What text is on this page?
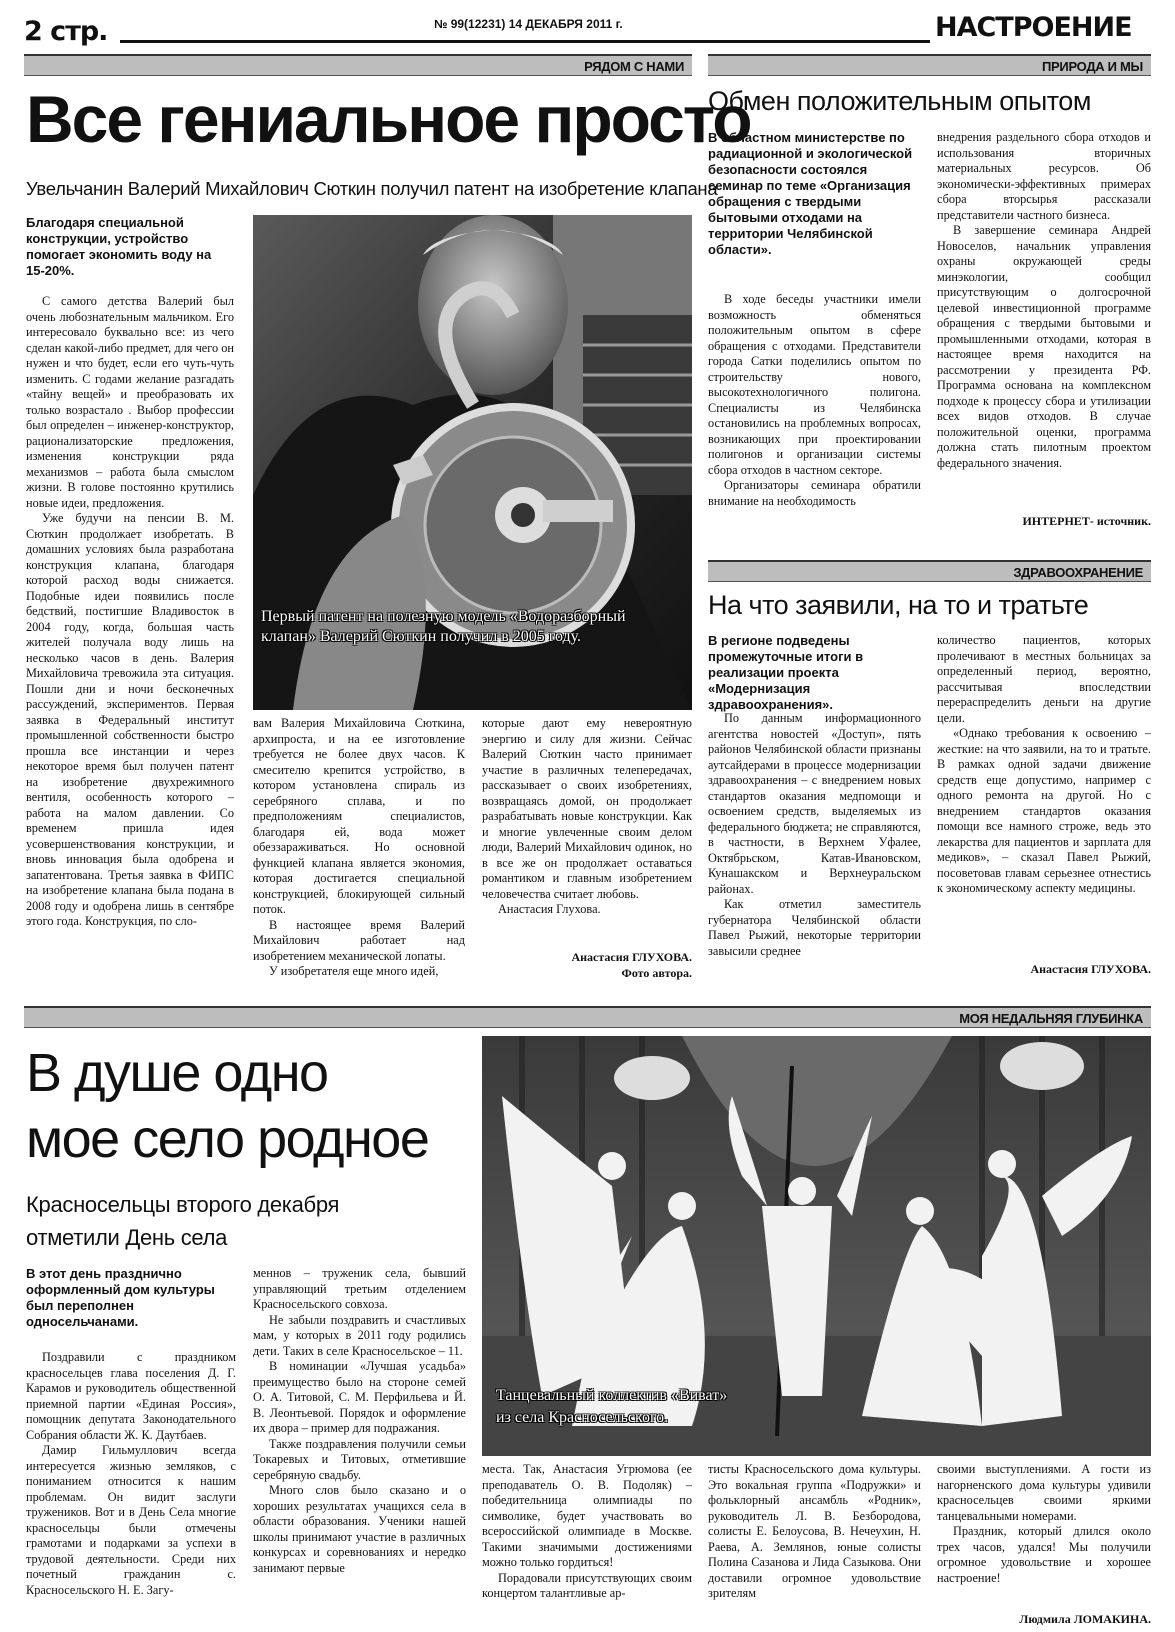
2 стр.	№ 99(12231) 14 ДЕКАБРЯ 2011 г.	НАСТРОЕНИЕ
РЯДОМ С НАМИ
Все гениальное просто
Увельчанин Валерий Михайлович Сюткин получил патент на изобретение клапана
Благодаря специальной конструкции, устройство помогает экономить воду на 15-20%.

С самого детства Валерий был очень любознательным мальчиком. Его интересовало буквально все: из чего сделан какой-либо предмет, для чего он нужен и что будет, если его чуть-чуть изменить. С годами желание разгадать «тайну вещей» и преобразовать их только возрастало . Выбор профессии был определен – инженер-конструктор, рационализаторские предложения, изменения конструкции ряда механизмов – работа была смыслом жизни. В голове постоянно крутились новые идеи, предложения.

Уже будучи на пенсии В. М. Сюткин продолжает изобретать. В домашних условиях была разработана конструкция клапана, благодаря которой расход воды снижается. Подобные идеи появились после бедствий, постигшие Владивосток в 2004 году, когда, большая часть жителей получала воду лишь на несколько часов в день. Валерия Михайловича тревожила эта ситуация. Пошли дни и ночи бесконечных рассуждений, экспериментов. Первая заявка в Федеральный институт промышленной собственности быстро прошла все инстанции и через некоторое время был получен патент на изобретение двухрежимного вентиля, особенность которого – работа на малом давлении. Со временем пришла идея усовершенствования конструкции, и вновь инновация была одобрена и запатентована. Третья заявка в ФИПС на изобретение клапана была подана в 2008 году и одобрена лишь в сентябре этого года. Конструкция, по сло-

Первый патент на полезную модель «Водоразборный клапан» Валерий Сюткин получил в 2005 году.

вам Валерия Михайловича Сюткина, архипроста, и на ее изготовление требуется не более двух часов. К смесителю крепится устройство, в котором установлена спираль из серебряного сплава, и по предположениям специалистов, благодаря ей, вода может обеззараживаться. Но основной функцией клапана является экономия, которая достигается специальной конструкцией, блокирующей сильный поток.

В настоящее время Валерий Михайлович работает над изобретением механической лопаты.

У изобретателя еще много идей,

которые дают ему невероятную энергию и силу для жизни. Сейчас Валерий Сюткин часто принимает участие в различных телепередачах, рассказывает о своих изобретениях, возвращаясь домой, он продолжает разрабатывать новые конструкции. Как и многие увлеченные своим делом люди, Валерий Михайлович одинок, но в все же он продолжает оставаться романтиком и главным изобретением человечества считает любовь.

Анастасия Глухова.

Анастасия ГЛУХОВА.
Фото автора.
ПРИРОДА И МЫ
Обмен положительным опытом
В областном министерстве по радиационной и экологической безопасности состоялся семинар по теме «Организация обращения с твердыми бытовыми отходами на территории Челябинской области».

В ходе беседы участники имели возможность обменяться положительным опытом в сфере обращения с отходами. Представители города Сатки поделились опытом по строительству нового, высокотехнологичного полигона. Специалисты из Челябинска остановились на проблемных вопросах, возникающих при проектировании полигонов и организации системы сбора отходов в частном секторе.

Организаторы семинара обратили внимание на необходимость

внедрения раздельного сбора отходов и использования вторичных материальных ресурсов. Об экономически-эффективных примерах сбора вторсырья рассказали представители частного бизнеса.

В завершение семинара Андрей Новоселов, начальник управления охраны окружающей среды минэкологии, сообщил присутствующим о долгосрочной целевой инвестиционной программе обращения с твердыми бытовыми и промышленными отходами, которая в настоящее время находится на рассмотрении у президента РФ. Программа основана на комплексном подходе к процессу сбора и утилизации всех видов отходов. В случае положительной оценки, программа должна стать пилотным проектом федерального значения.

ИНТЕРНЕТ- источник.
ЗДРАВООХРАНЕНИЕ
На что заявили, на то и тратьте
В регионе подведены промежуточные итоги в реализации проекта «Модернизация здравоохранения».

По данным информационного агентства новостей «Доступ», пять районов Челябинской области признаны аутсайдерами в процессе модернизации здравоохранения – с внедрением новых стандартов оказания медпомощи и освоением средств, выделяемых из федерального бюджета; не справляются, в частности, в Верхнем Уфалее, Октябрьском, Катав-Ивановском, Кунашакском и Верхнеуральском районах.

Как отметил заместитель губернатора Челябинской области Павел Рыжий, некоторые территории завысили среднее

количество пациентов, которых пролечивают в местных больницах за определенный период, вероятно, рассчитывая впоследствии перераспределить деньги на другие цели.

«Однако требования к освоению – жесткие: на что заявили, на то и тратьте. В рамках одной задачи движение средств еще допустимо, например с одного ремонта на другой. Но с внедрением стандартов оказания помощи все намного строже, ведь это лекарства для пациентов и зарплата для медиков», – сказал Павел Рыжий, посоветовав главам серьезнее отнестись к экономическому аспекту медицины.

Анастасия ГЛУХОВА.
МОЯ НЕДАЛЬНЯЯ ГЛУБИНКА
В душе одно
мое село родное
Красносельцы второго декабря отметили День села
В этот день празднично оформленный дом культуры был переполнен односельчанами.

Поздравили с праздником красносельцев глава поселения Д. Г. Карамов и руководитель общественной приемной партии «Единая Россия», помощник депутата Законодательного Собрания области Ж. К. Даутбаев.

Дамир Гильмуллович всегда интересуется жизнью земляков, с пониманием относится к нашим проблемам. Он видит заслуги тружеников. Вот и в День Села многие красносельцы были отмечены грамотами и подарками за успехи в трудовой деятельности. Среди них почетный гражданин с. Красносельского Н. Е. Загу-

меннов – труженик села, бывший управляющий третьим отделением Красносельского совхоза.

Не забыли поздравить и счастливых мам, у которых в 2011 году родились дети. Таких в селе Красносельское – 11.

В номинации «Лучшая усадьба» преимущество было на стороне семей О. А. Титовой, С. М. Перфильева и Й. В. Леонтьевой. Порядок и оформление их двора – пример для подражания.

Также поздравления получили семьи Токаревых и Титовых, отметившие серебряную свадьбу.

Много слов было сказано и о хороших результатах учащихся села в области образования. Ученики нашей школы принимают участие в различных конкурсах и соревнованиях и нередко занимают первые

Танцевальный коллектив «Виват»
из села Красносельского.

места. Так, Анастасия Угрюмова (ее преподаватель О. В. Подоляк) – победительница олимпиады по символике, будет участвовать во всероссийской олимпиаде в Москве. Такими значимыми достижениями можно только гордиться!

Порадовали присутствующих своим концертом талантливые ар-

тисты Красносельского дома культуры. Это вокальная группа «Подружки» и фольклорный ансамбль «Родник», руководитель Л. В. Безбородова, солисты Е. Белоусова, В. Нечеухин, Н. Раева, А. Землянов, юные солисты Полина Сазанова и Лида Сазыкова. Они доставили огромное удовольствие зрителям

своими выступлениями. А гости из нагорненского дома культуры удивили красносельцев своими яркими танцевальными номерами.

Праздник, который длился около трех часов, удался! Мы получили огромное удовольствие и хорошее настроение!

Людмила ЛОМАКИНА.
